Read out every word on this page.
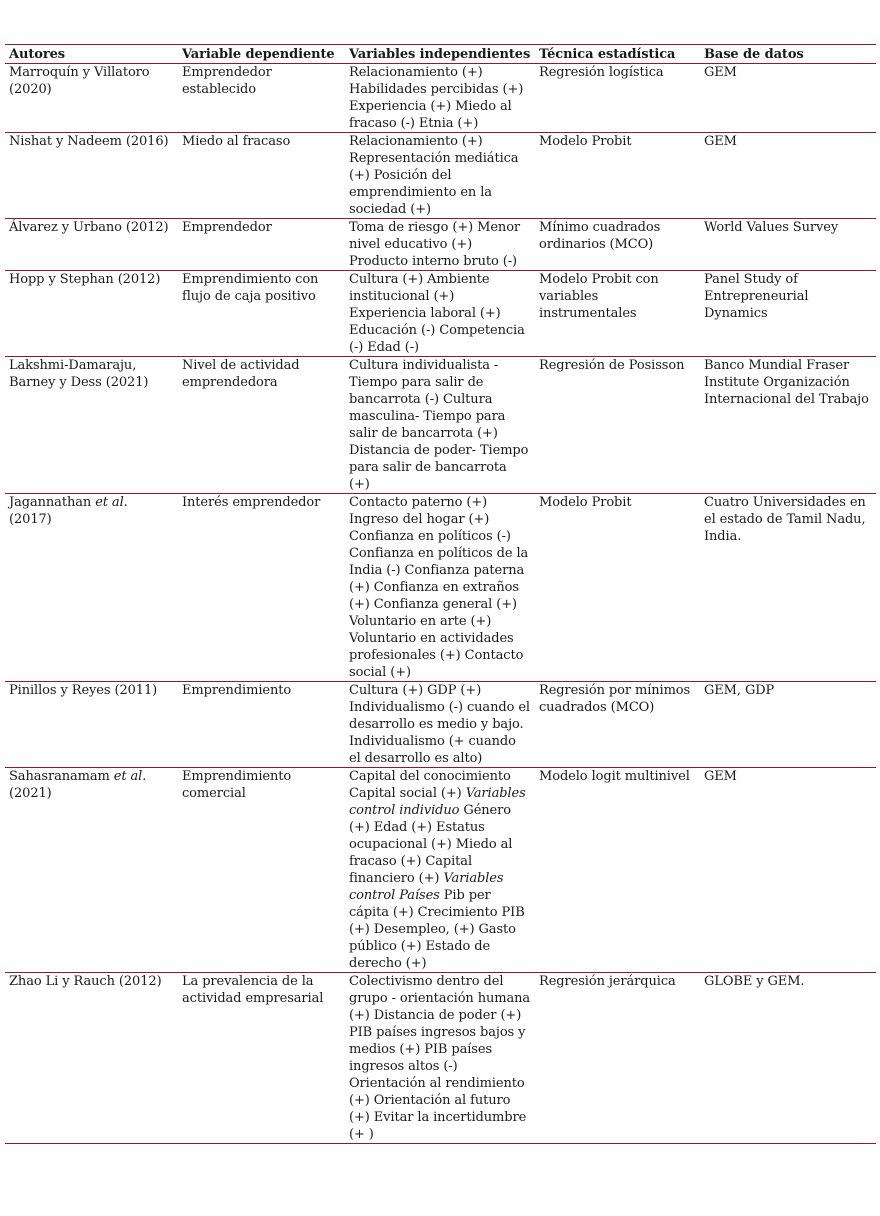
Autores	Variable dependiente	Variables independientes	Técnica estadística	Base de datos
Marroquín y Villatoro (2020)	Emprendedor establecido	Relacionamiento (+) Habilidades percibidas (+) Experiencia (+) Miedo al fracaso (-) Etnia (+)	Regresión logística	GEM
Nishat y Nadeem (2016)	Miedo al fracaso	Relacionamiento (+) Representación mediática (+) Posición del emprendimiento en la sociedad (+)	Modelo Probit	GEM
Álvarez y Urbano (2012)	Emprendedor	Toma de riesgo (+) Menor nivel educativo (+) Producto interno bruto (-)	Mínimo cuadrados ordinarios (MCO)	World Values Survey
Hopp y Stephan (2012)	Emprendimiento con flujo de caja positivo	Cultura (+) Ambiente institucional (+) Experiencia laboral (+) Educación (-) Competencia (-) Edad (-)	Modelo Probit con variables instrumentales	Panel Study of Entrepreneurial Dynamics
Lakshmi-Damaraju, Barney y Dess (2021)	Nivel de actividad emprendedora	Cultura individualista - Tiempo para salir de bancarrota (-) Cultura masculina- Tiempo para salir de bancarrota (+) Distancia de poder- Tiempo para salir de bancarrota (+)	Regresión de Posisson	Banco Mundial Fraser Institute Organización Internacional del Trabajo
Jagannathan et al. (2017)	Interés emprendedor	Contacto paterno (+) Ingreso del hogar (+) Confianza en políticos (-) Confianza en políticos de la India (-) Confianza paterna (+) Confianza en extraños (+) Confianza general (+) Voluntario en arte (+) Voluntario en actividades profesionales (+) Contacto social (+)	Modelo Probit	Cuatro Universidades en el estado de Tamil Nadu, India.
Pinillos y Reyes (2011)	Emprendimiento	Cultura (+) GDP (+) Individualismo (-) cuando el desarrollo es medio y bajo. Individualismo (+ cuando el desarrollo es alto)	Regresión por mínimos cuadrados (MCO)	GEM, GDP
Sahasranamam et al. (2021)	Emprendimiento comercial	Capital del conocimiento Capital social (+) Variables control individuo Género (+) Edad (+) Estatus ocupacional (+) Miedo al fracaso (+) Capital financiero (+) Variables control Países Pib per cápita (+) Crecimiento PIB (+) Desempleo, (+) Gasto público (+) Estado de derecho (+)	Modelo logit multinivel	GEM
Zhao Li y Rauch (2012)	La prevalencia de la actividad empresarial	Colectivismo dentro del grupo - orientación humana (+) Distancia de poder (+) PIB países ingresos bajos y medios (+) PIB países ingresos altos (-) Orientación al rendimiento (+) Orientación al futuro (+) Evitar la incertidumbre (+ )	Regresión jerárquica	GLOBE y GEM.
